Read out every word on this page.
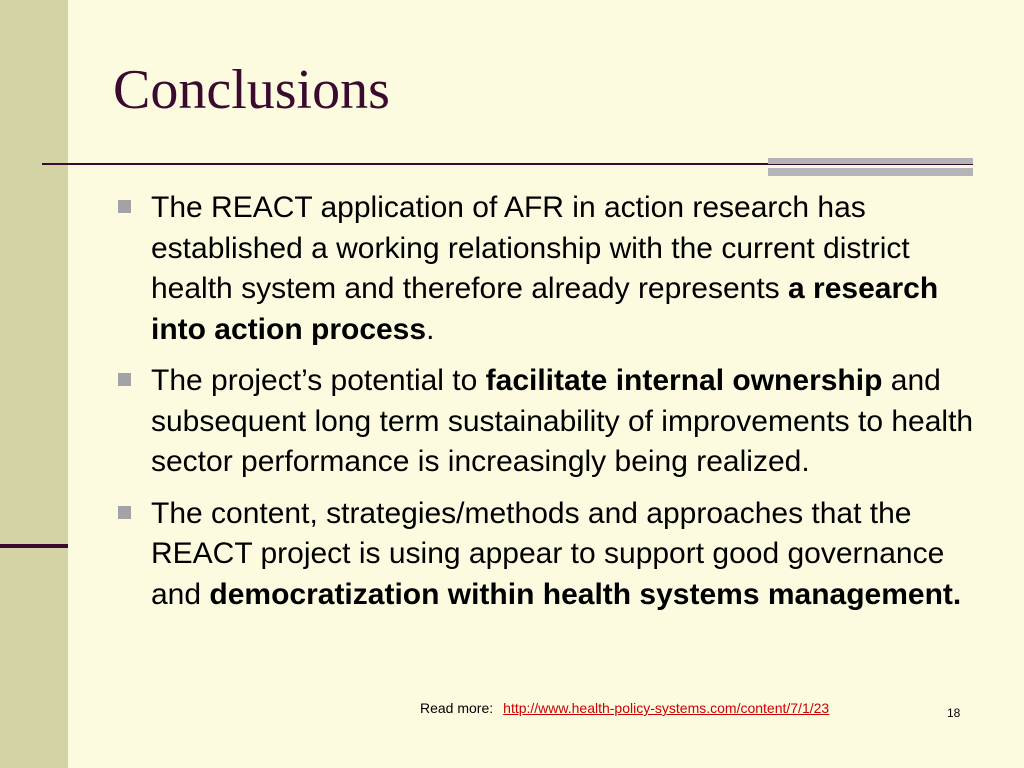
Conclusions
The REACT application of AFR in action research has established a working relationship with the current district health system and therefore already represents a research into action process.
The project’s potential to facilitate internal ownership and subsequent long term sustainability of improvements to health sector performance is increasingly being realized.
The content, strategies/methods and approaches that the REACT project is using appear to support good governance and democratization within health systems management.
Read more: http://www.health-policy-systems.com/content/7/1/23	18
